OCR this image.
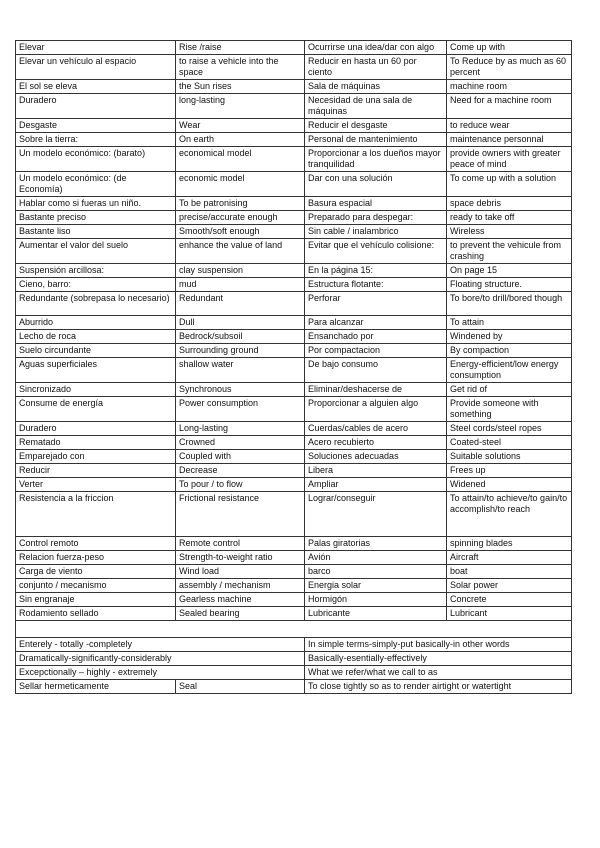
Elevar	Rise /raise	Ocurrirse una idea/dar con algo	Come up with
Elevar un vehículo al espacio	to raise a vehicle into the space	Reducir en hasta un 60 por ciento	To Reduce by as much as 60 percent
El sol se eleva	the Sun rises	Sala de máquinas	machine room
Duradero	long-lasting	Necesidad de una sala de máquinas	Need for a machine room
Desgaste	Wear	Reducir el desgaste	to reduce wear
Sobre la tierra:	On earth	Personal de mantenimiento	maintenance personnal
Un modelo económico: (barato)	economical model	Proporcionar a los dueños mayor tranquilidad	provide owners with greater peace of mind
Un modelo económico: (de Economía)	economic model	Dar con una solución	To come up with a solution
Hablar como si fueras un niño.	To be patronising	Basura espacial	space debris
Bastante preciso	precise/accurate enough	Preparado para despegar:	ready to take off
Bastante liso	Smooth/soft enough	Sin cable / inalambrico	Wireless
Aumentar el valor del suelo	enhance the value of land	Evitar que el vehículo colisione:	to prevent the vehicule from crashing
Suspensión arcillosa:	clay suspension	En la página 15:	On page 15
Cieno, barro:	mud	Estructura flotante:	Floating structure.
Redundante (sobrepasa lo necesario)	Redundant	Perforar	To bore/to drill/bored though
Aburrido	Dull	Para alcanzar	To attain
Lecho de roca	Bedrock/subsoil	Ensanchado por	Windened by
Suelo circundante	Surrounding ground	Por compactacion	By compaction
Aguas superficiales	shallow water	De bajo consumo	Energy-efficient/low energy consumption
Sincronizado	Synchronous	Eliminar/deshacerse de	Get rid of
Consume de energía	Power consumption	Proporcionar a alguien algo	Provide someone with something
Duradero	Long-lasting	Cuerdas/cables de acero	Steel cords/steel ropes
Rematado	Crowned	Acero recubierto	Coated-steel
Emparejado con	Coupled with	Soluciones adecuadas	Suitable solutions
Reducir	Decrease	Libera	Frees up
Verter	To pour / to flow	Ampliar	Widened
Resistencia a la friccion	Frictional resistance	Lograr/conseguir	To attain/to achieve/to gain/to accomplish/to reach
Control remoto	Remote control	Palas giratorias	spinning blades
Relacion fuerza-peso	Strength-to-weight ratio	Avión	Aircraft
Carga de viento	Wind load	barco	boat
conjunto / mecanismo	assembly / mechanism	Energia solar	Solar power
Sin engranaje	Gearless machine	Hormigón	Concrete
Rodamiento sellado	Sealed bearing	Lubricante	Lubricant

Enterely - totally -completely		In simple terms-simply-put basically-in other words	
Dramatically-significantly-considerably		Basically-esentially-effectively	
Excepctionally – highly - extremely		What we refer/what we call to as	
Sellar hermeticamente	Seal	To close tightly so as to render airtight or watertight	
